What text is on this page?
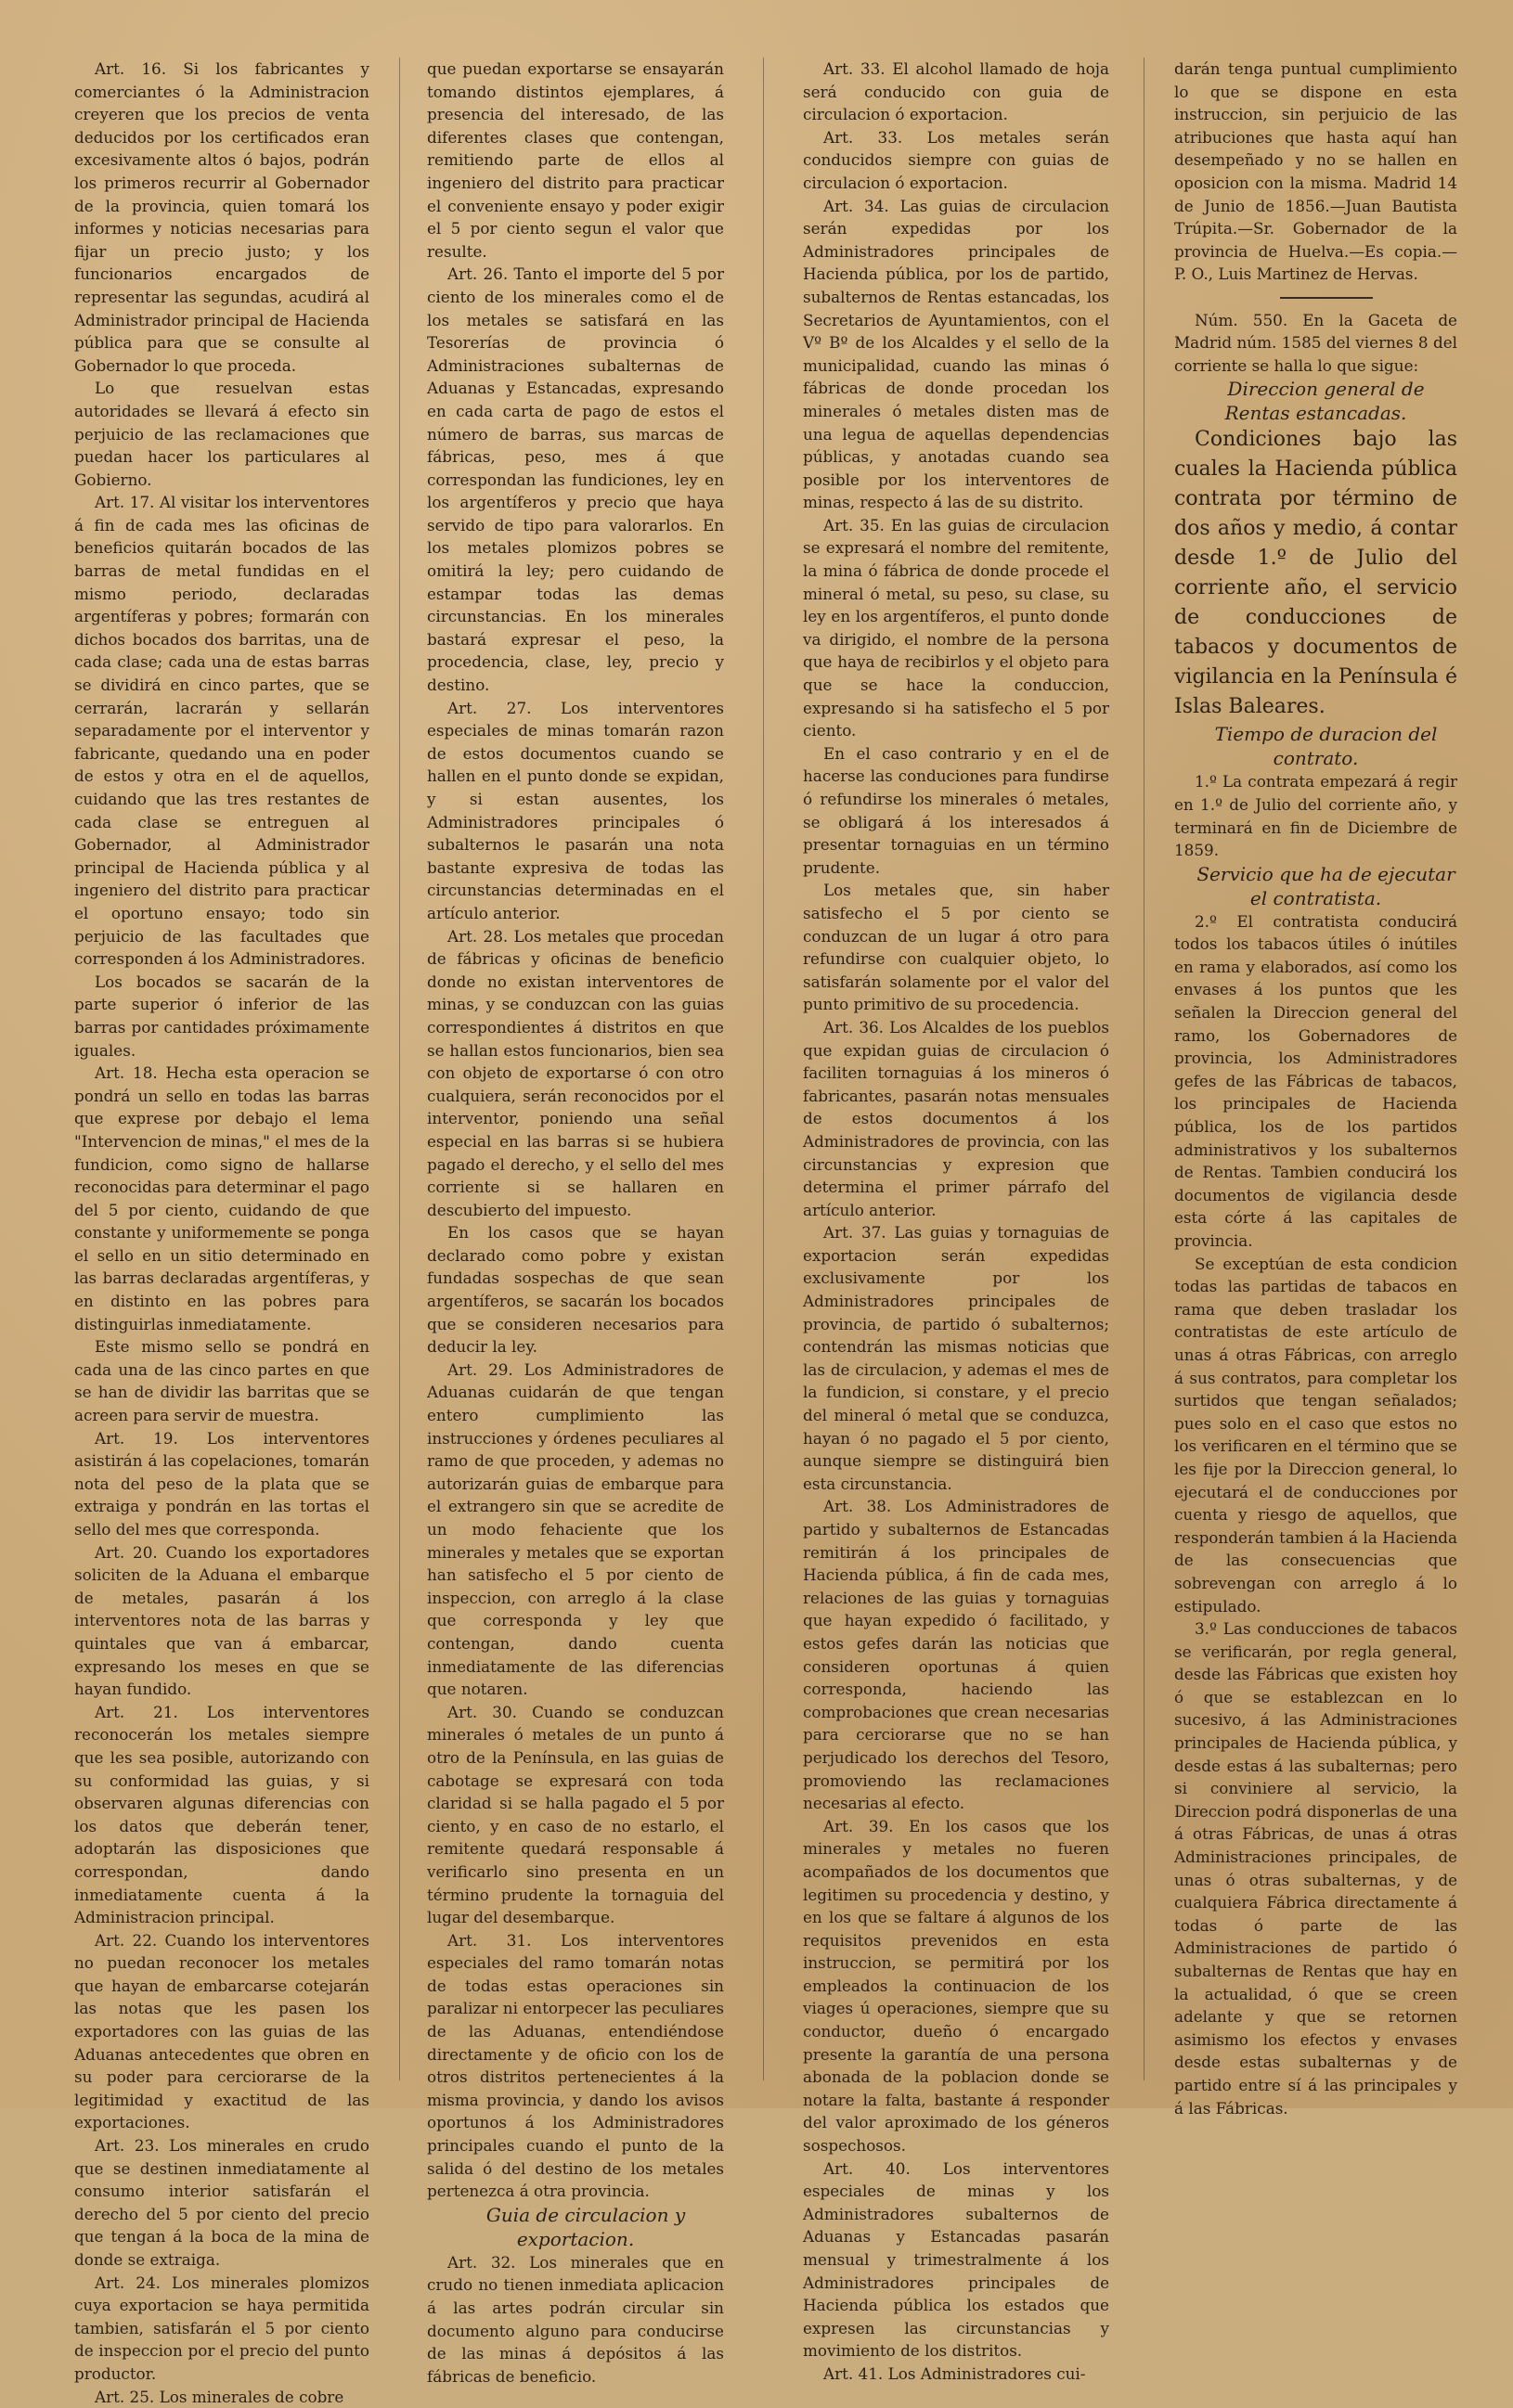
Art. 16. Si los fabricantes y comerciantes ó la Administracion creyeren que los precios de venta deducidos por los certificados eran excesivamente altos ó bajos, podrán los primeros recurrir al Gobernador de la provincia, quien tomará los informes y noticias necesarias para fijar un precio justo; y los funcionarios encargados de representar las segundas, acudirá al Administrador principal de Hacienda pública para que se consulte al Gobernador lo que proceda.

Lo que resuelvan estas autoridades se llevará á efecto sin perjuicio de las reclamaciones que puedan hacer los particulares al Gobierno.

Art. 17. Al visitar los interventores á fin de cada mes las oficinas de beneficios quitarán bocados de las barras de metal fundidas en el mismo periodo, declaradas argentíferas y pobres; formarán con dichos bocados dos barritas, una de cada clase; cada una de estas barras se dividirá en cinco partes, que se cerrarán, lacrarán y sellarán separadamente por el interventor y fabricante, quedando una en poder de estos y otra en el de aquellos, cuidando que las tres restantes de cada clase se entreguen al Gobernador, al Administrador principal de Hacienda pública y al ingeniero del distrito para practicar el oportuno ensayo; todo sin perjuicio de las facultades que corresponden á los Administradores.

Los bocados se sacarán de la parte superior ó inferior de las barras por cantidades próximamente iguales.

Art. 18. Hecha esta operacion se pondrá un sello en todas las barras que exprese por debajo el lema "Intervencion de minas," el mes de la fundicion, como signo de hallarse reconocidas para determinar el pago del 5 por ciento, cuidando de que constante y uniformemente se ponga el sello en un sitio determinado en las barras declaradas argentíferas, y en distinto en las pobres para distinguirlas inmediatamente.

Este mismo sello se pondrá en cada una de las cinco partes en que se han de dividir las barritas que se acreen para servir de muestra.

Art. 19. Los interventores asistirán á las copelaciones, tomarán nota del peso de la plata que se extraiga y pondrán en las tortas el sello del mes que corresponda.

Art. 20. Cuando los exportadores soliciten de la Aduana el embarque de metales, pasarán á los interventores nota de las barras y quintales que van á embarcar, expresando los meses en que se hayan fundido.

Art. 21. Los interventores reconocerán los metales siempre que les sea posible, autorizando con su conformidad las guias, y si observaren algunas diferencias con los datos que deberán tener, adoptarán las disposiciones que correspondan, dando inmediatamente cuenta á la Administracion principal.

Art. 22. Cuando los interventores no puedan reconocer los metales que hayan de embarcarse cotejarán las notas que les pasen los exportadores con las guias de las Aduanas antecedentes que obren en su poder para cerciorarse de la legitimidad y exactitud de las exportaciones.

Art. 23. Los minerales en crudo que se destinen inmediatamente al consumo interior satisfarán el derecho del 5 por ciento del precio que tengan á la boca de la mina de donde se extraiga.

Art. 24. Los minerales plomizos cuya exportacion se haya permitida tambien, satisfarán el 5 por ciento de inspeccion por el precio del punto productor.

Art. 25. Los minerales de cobre

que puedan exportarse se ensayarán tomando distintos ejemplares, á presencia del interesado, de las diferentes clases que contengan, remitiendo parte de ellos al ingeniero del distrito para practicar el conveniente ensayo y poder exigir el 5 por ciento segun el valor que resulte.

Art. 26. Tanto el importe del 5 por ciento de los minerales como el de los metales se satisfará en las Tesorerías de provincia ó Administraciones subalternas de Aduanas y Estancadas, expresando en cada carta de pago de estos el número de barras, sus marcas de fábricas, peso, mes á que correspondan las fundiciones, ley en los argentíferos y precio que haya servido de tipo para valorarlos. En los metales plomizos pobres se omitirá la ley; pero cuidando de estampar todas las demas circunstancias. En los minerales bastará expresar el peso, la procedencia, clase, ley, precio y destino.

Art. 27. Los interventores especiales de minas tomarán razon de estos documentos cuando se hallen en el punto donde se expidan, y si estan ausentes, los Administradores principales ó subalternos le pasarán una nota bastante expresiva de todas las circunstancias determinadas en el artículo anterior.

Art. 28. Los metales que procedan de fábricas y oficinas de beneficio donde no existan interventores de minas, y se conduzcan con las guias correspondientes á distritos en que se hallan estos funcionarios, bien sea con objeto de exportarse ó con otro cualquiera, serán reconocidos por el interventor, poniendo una señal especial en las barras si se hubiera pagado el derecho, y el sello del mes corriente si se hallaren en descubierto del impuesto.

En los casos que se hayan declarado como pobre y existan fundadas sospechas de que sean argentíferos, se sacarán los bocados que se consideren necesarios para deducir la ley.

Art. 29. Los Administradores de Aduanas cuidarán de que tengan entero cumplimiento las instrucciones y órdenes peculiares al ramo de que proceden, y ademas no autorizarán guias de embarque para el extrangero sin que se acredite de un modo fehaciente que los minerales y metales que se exportan han satisfecho el 5 por ciento de inspeccion, con arreglo á la clase que corresponda y ley que contengan, dando cuenta inmediatamente de las diferencias que notaren.

Art. 30. Cuando se conduzcan minerales ó metales de un punto á otro de la Península, en las guias de cabotage se expresará con toda claridad si se halla pagado el 5 por ciento, y en caso de no estarlo, el remitente quedará responsable á verificarlo sino presenta en un término prudente la tornaguia del lugar del desembarque.

Art. 31. Los interventores especiales del ramo tomarán notas de todas estas operaciones sin paralizar ni entorpecer las peculiares de las Aduanas, entendiéndose directamente y de oficio con los de otros distritos pertenecientes á la misma provincia, y dando los avisos oportunos á los Administradores principales cuando el punto de la salida ó del destino de los metales pertenezca á otra provincia.

Guia de circulacion y exportacion.

Art. 32. Los minerales que en crudo no tienen inmediata aplicacion á las artes podrán circular sin documento alguno para conducirse de las minas á depósitos á las fábricas de beneficio.

Art. 33. El alcohol llamado de hoja será conducido con guia de circulacion ó exportacion.

Art. 33. Los metales serán conducidos siempre con guias de circulacion ó exportacion.

Art. 34. Las guias de circulacion serán expedidas por los Administradores principales de Hacienda pública, por los de partido, subalternos de Rentas estancadas, los Secretarios de Ayuntamientos, con el Vº Bº de los Alcaldes y el sello de la municipalidad, cuando las minas ó fábricas de donde procedan los minerales ó metales disten mas de una legua de aquellas dependencias públicas, y anotadas cuando sea posible por los interventores de minas, respecto á las de su distrito.

Art. 35. En las guias de circulacion se expresará el nombre del remitente, la mina ó fábrica de donde procede el mineral ó metal, su peso, su clase, su ley en los argentíferos, el punto donde va dirigido, el nombre de la persona que haya de recibirlos y el objeto para que se hace la conduccion, expresando si ha satisfecho el 5 por ciento.

En el caso contrario y en el de hacerse las conduciones para fundirse ó refundirse los minerales ó metales, se obligará á los interesados á presentar tornaguias en un término prudente.

Los metales que, sin haber satisfecho el 5 por ciento se conduzcan de un lugar á otro para refundirse con cualquier objeto, lo satisfarán solamente por el valor del punto primitivo de su procedencia.

Art. 36. Los Alcaldes de los pueblos que expidan guias de circulacion ó faciliten tornaguias á los mineros ó fabricantes, pasarán notas mensuales de estos documentos á los Administradores de provincia, con las circunstancias y expresion que determina el primer párrafo del artículo anterior.

Art. 37. Las guias y tornaguias de exportacion serán expedidas exclusivamente por los Administradores principales de provincia, de partido ó subalternos; contendrán las mismas noticias que las de circulacion, y ademas el mes de la fundicion, si constare, y el precio del mineral ó metal que se conduzca, hayan ó no pagado el 5 por ciento, aunque siempre se distinguirá bien esta circunstancia.

Art. 38. Los Administradores de partido y subalternos de Estancadas remitirán á los principales de Hacienda pública, á fin de cada mes, relaciones de las guias y tornaguias que hayan expedido ó facilitado, y estos gefes darán las noticias que consideren oportunas á quien corresponda, haciendo las comprobaciones que crean necesarias para cerciorarse que no se han perjudicado los derechos del Tesoro, promoviendo las reclamaciones necesarias al efecto.

Art. 39. En los casos que los minerales y metales no fueren acompañados de los documentos que legitimen su procedencia y destino, y en los que se faltare á algunos de los requisitos prevenidos en esta instruccion, se permitirá por los empleados la continuacion de los viages ú operaciones, siempre que su conductor, dueño ó encargado presente la garantía de una persona abonada de la poblacion donde se notare la falta, bastante á responder del valor aproximado de los géneros sospechosos.

Art. 40. Los interventores especiales de minas y los Administradores subalternos de Aduanas y Estancadas pasarán mensual y trimestralmente á los Administradores principales de Hacienda pública los estados que expresen las circunstancias y movimiento de los distritos.

Art. 41. Los Administradores cui-

darán tenga puntual cumplimiento lo que se dispone en esta instruccion, sin perjuicio de las atribuciones que hasta aquí han desempeñado y no se hallen en oposicion con la misma. Madrid 14 de Junio de 1856.—Juan Bautista Trúpita.—Sr. Gobernador de la provincia de Huelva.—Es copia.— P. O., Luis Martinez de Hervas.

Núm. 550. En la Gaceta de Madrid núm. 1585 del viernes 8 del corriente se halla lo que sigue:

Direccion general de Rentas estancadas.

Condiciones bajo las cuales la Hacienda pública contrata por término de dos años y medio, á contar desde 1.º de Julio del corriente año, el servicio de conducciones de tabacos y documentos de vigilancia en la Península é Islas Baleares.

Tiempo de duracion del contrato.

1.º La contrata empezará á regir en 1.º de Julio del corriente año, y terminará en fin de Diciembre de 1859.

Servicio que ha de ejecutar el contratista.

2.º El contratista conducirá todos los tabacos útiles ó inútiles en rama y elaborados, así como los envases á los puntos que les señalen la Direccion general del ramo, los Gobernadores de provincia, los Administradores gefes de las Fábricas de tabacos, los principales de Hacienda pública, los de los partidos administrativos y los subalternos de Rentas. Tambien conducirá los documentos de vigilancia desde esta córte á las capitales de provincia.

Se exceptúan de esta condicion todas las partidas de tabacos en rama que deben trasladar los contratistas de este artículo de unas á otras Fábricas, con arreglo á sus contratos, para completar los surtidos que tengan señalados; pues solo en el caso que estos no los verificaren en el término que se les fije por la Direccion general, lo ejecutará el de conducciones por cuenta y riesgo de aquellos, que responderán tambien á la Hacienda de las consecuencias que sobrevengan con arreglo á lo estipulado.

3.º Las conducciones de tabacos se verificarán, por regla general, desde las Fábricas que existen hoy ó que se establezcan en lo sucesivo, á las Administraciones principales de Hacienda pública, y desde estas á las subalternas; pero si conviniere al servicio, la Direccion podrá disponerlas de una á otras Fábricas, de unas á otras Administraciones principales, de unas ó otras subalternas, y de cualquiera Fábrica directamente á todas ó parte de las Administraciones de partido ó subalternas de Rentas que hay en la actualidad, ó que se creen adelante y que se retornen asimismo los efectos y envases desde estas subalternas y de partido entre sí á las principales y á las Fábricas.
